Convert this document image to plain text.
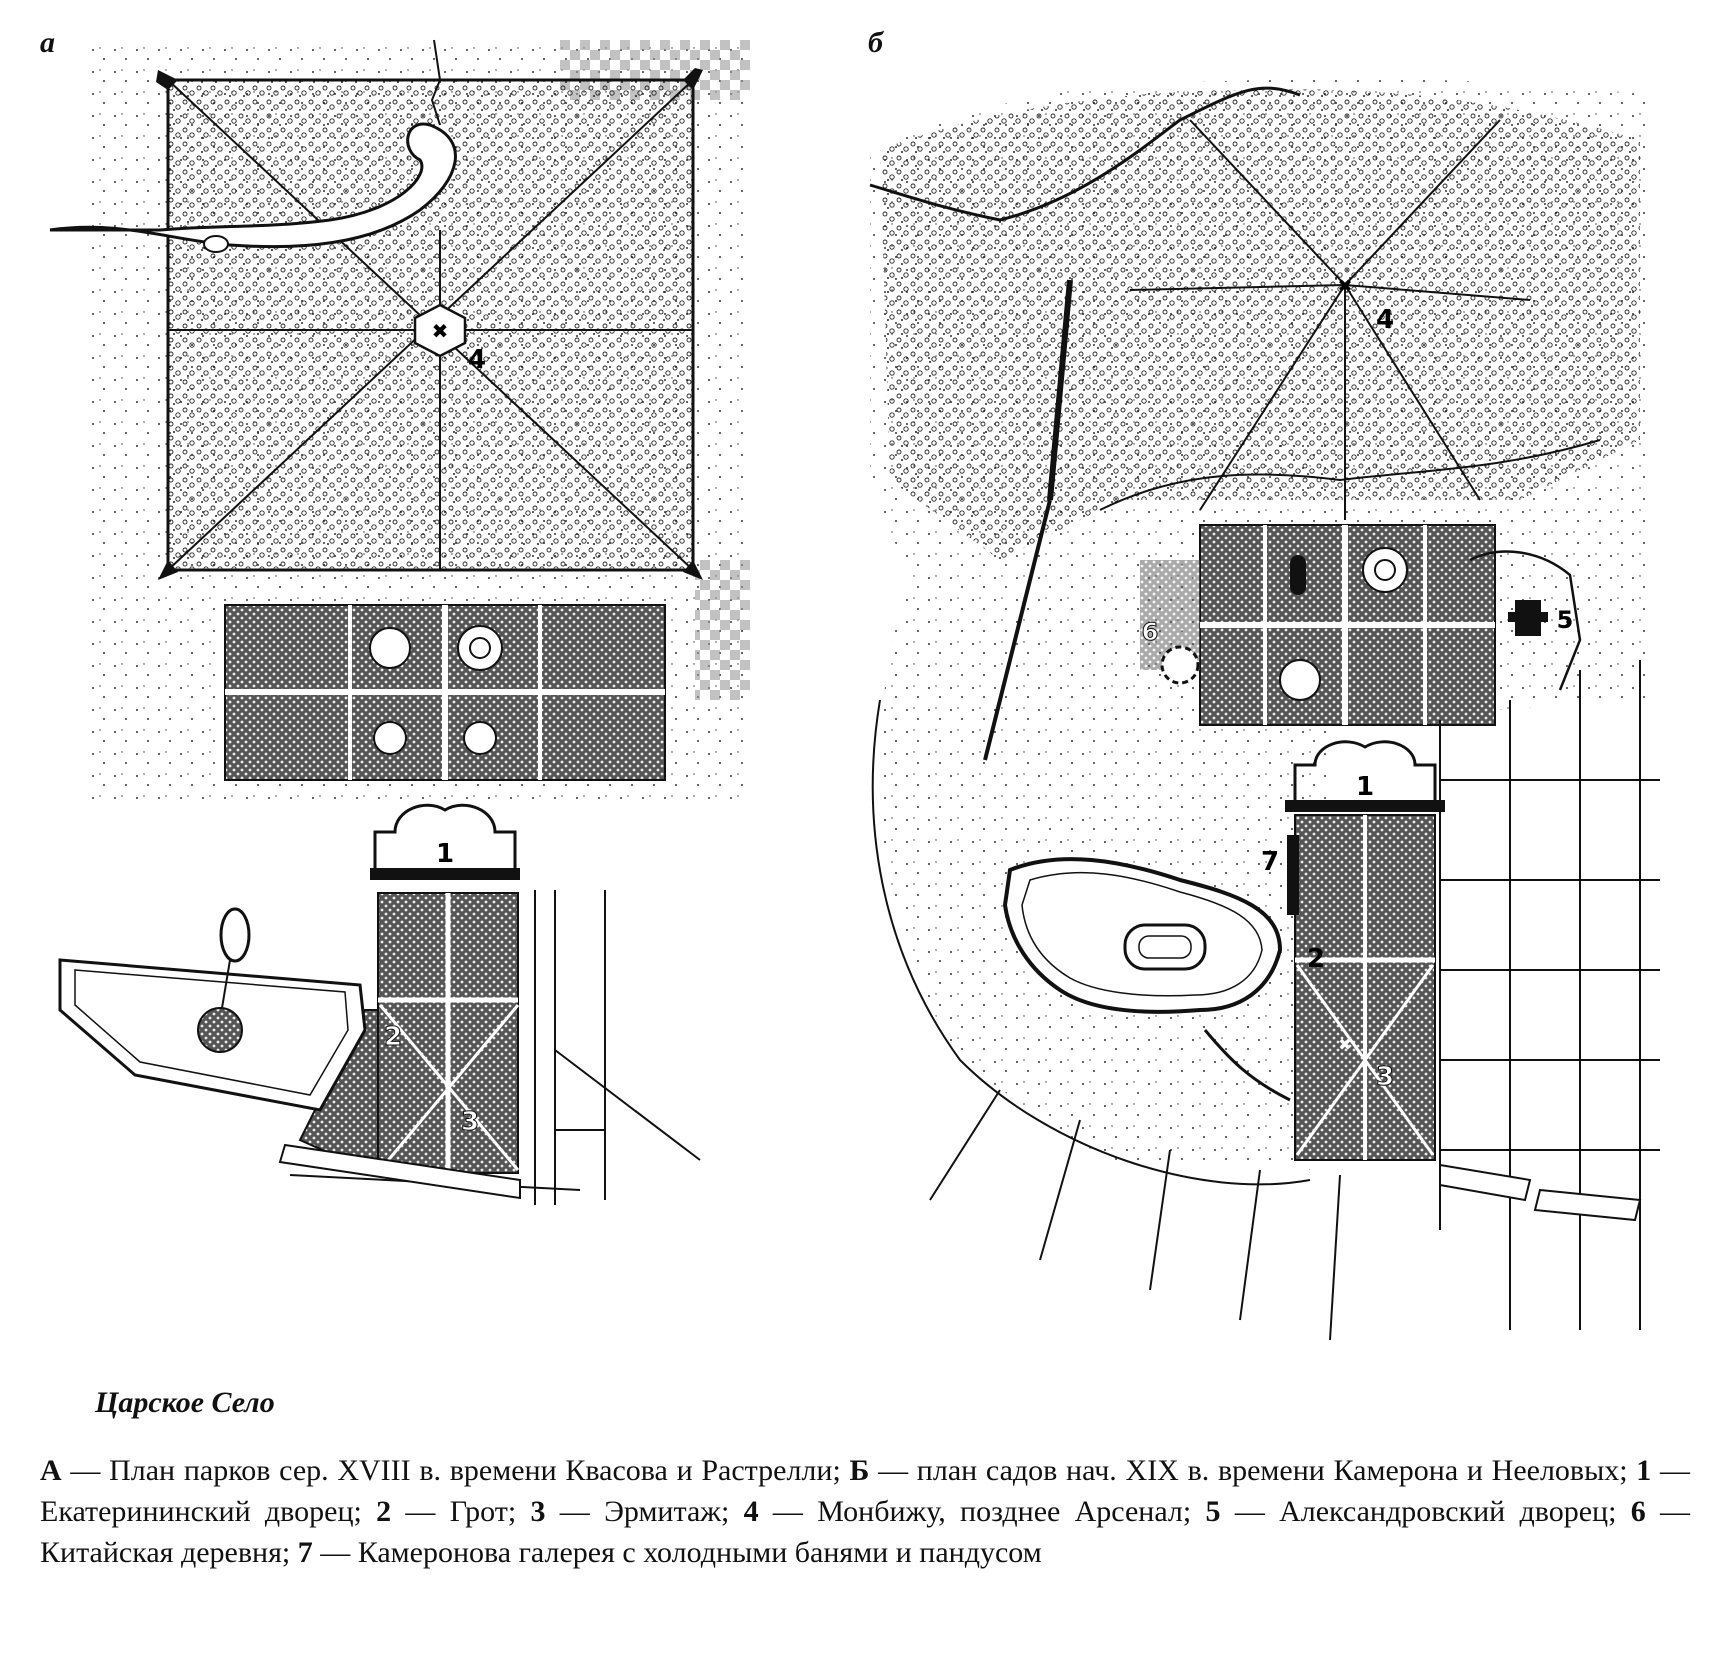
а	б
✖
✖
✖
1
2
3
4
1
2
3
4
5
6
7
Царское Село
А — План парков сер. XVIII в. времени Квасова и Растрелли; Б — план садов нач. XIX в. времени Камерона и Нееловых; 1 — Екатерининский дворец; 2 — Грот; 3 — Эрмитаж; 4 — Монбижу, позднее Арсенал; 5 — Александровский дворец; 6 — Китайская деревня; 7 — Камеронова галерея с холодными банями и пандусом
